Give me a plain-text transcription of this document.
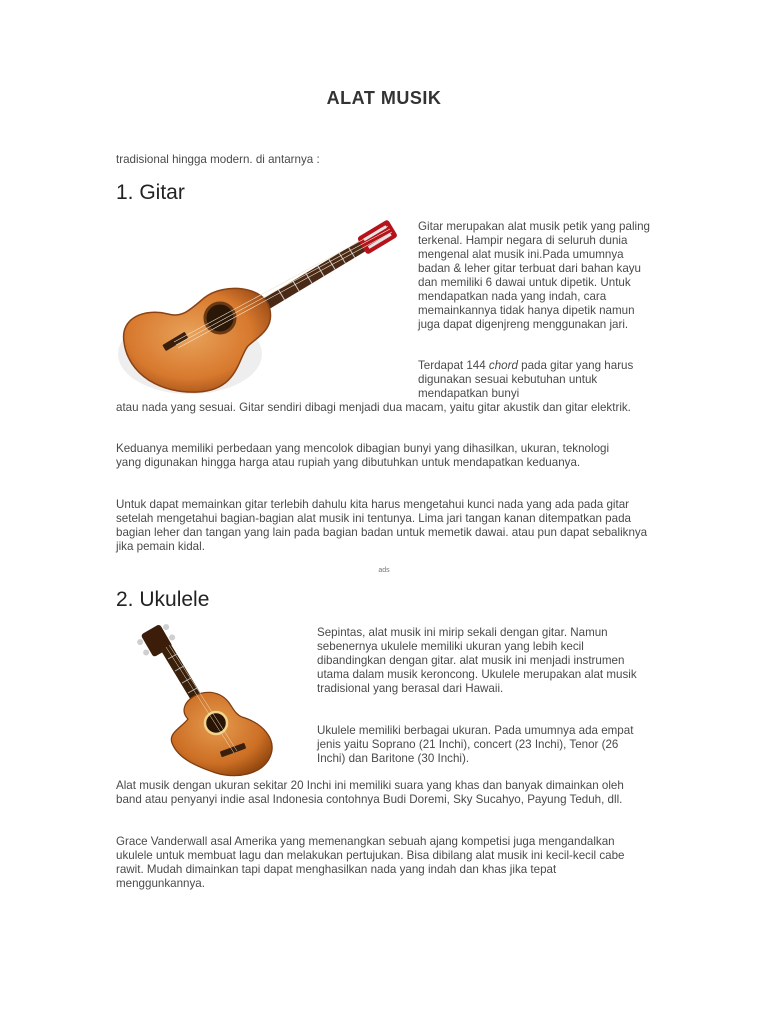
ALAT MUSIK

tradisional hingga modern. di antarnya :

1. Gitar

Gitar merupakan alat musik petik yang paling terkenal. Hampir negara di seluruh dunia mengenal alat musik ini.Pada umumnya badan & leher gitar terbuat dari bahan kayu dan memiliki 6 dawai untuk dipetik. Untuk mendapatkan nada yang indah, cara memainkannya tidak hanya dipetik namun juga dapat digenjreng menggunakan jari.

Terdapat 144 chord pada gitar yang harus digunakan sesuai kebutuhan untuk mendapatkan bunyi

atau nada yang sesuai. Gitar sendiri dibagi menjadi dua macam, yaitu gitar akustik dan gitar elektrik.

Keduanya memiliki perbedaan yang mencolok dibagian bunyi yang dihasilkan, ukuran, teknologi yang digunakan hingga harga atau rupiah yang dibutuhkan untuk mendapatkan keduanya.

Untuk dapat memainkan gitar terlebih dahulu kita harus mengetahui kunci nada yang ada pada gitar setelah mengetahui bagian-bagian alat musik ini tentunya. Lima jari tangan kanan ditempatkan pada bagian leher dan tangan yang lain pada bagian badan untuk memetik dawai. atau pun dapat sebaliknya jika pemain kidal.

ads
2. Ukulele

Sepintas, alat musik ini mirip sekali dengan gitar. Namun sebenernya ukulele memiliki ukuran yang lebih kecil dibandingkan dengan gitar. alat musik ini menjadi instrumen utama dalam musik keroncong. Ukulele merupakan alat musik tradisional yang berasal dari Hawaii.

Ukulele memiliki berbagai ukuran. Pada umumnya ada empat jenis yaitu Soprano (21 Inchi), concert (23 Inchi), Tenor (26 Inchi) dan Baritone (30 Inchi).

Alat musik dengan ukuran sekitar 20 Inchi ini memiliki suara yang khas dan banyak dimainkan oleh band atau penyanyi indie asal Indonesia contohnya Budi Doremi, Sky Sucahyo, Payung Teduh, dll.

Grace Vanderwall asal Amerika yang memenangkan sebuah ajang kompetisi juga mengandalkan ukulele untuk membuat lagu dan melakukan pertujukan. Bisa dibilang alat musik ini kecil-kecil cabe rawit. Mudah dimainkan tapi dapat menghasilkan nada yang indah dan khas jika tepat menggunkannya.
